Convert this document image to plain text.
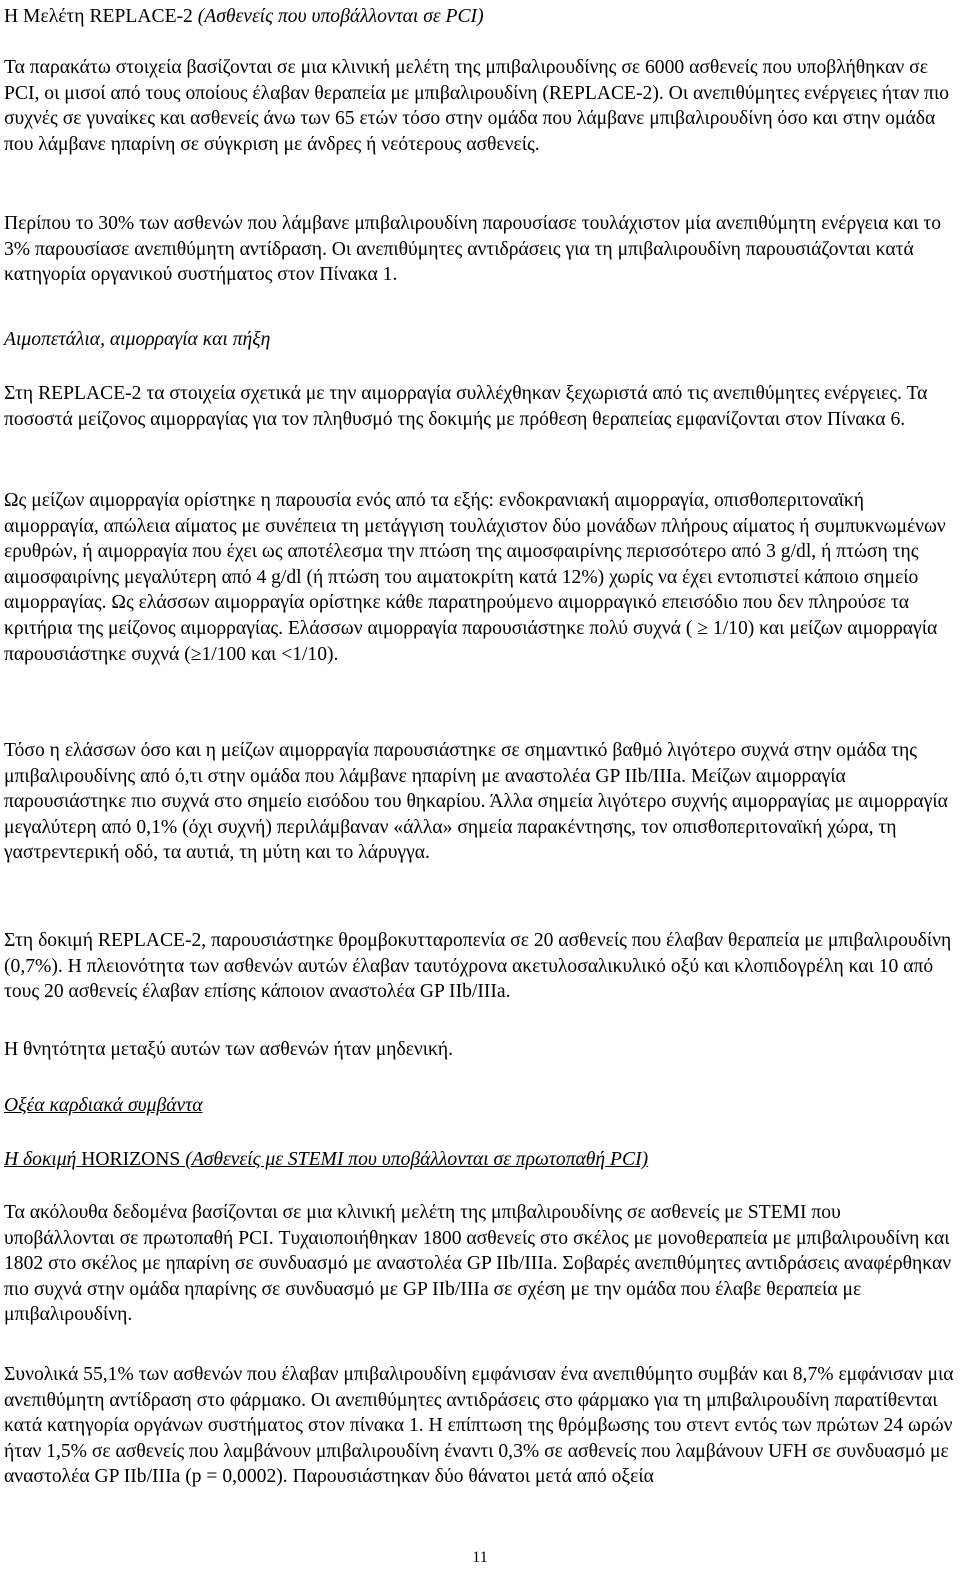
Η Μελέτη REPLACE-2 (Ασθενείς που υποβάλλονται σε PCI)

Τα παρακάτω στοιχεία βασίζονται σε μια κλινική μελέτη της μπιβαλιρουδίνης σε 6000 ασθενείς που υποβλήθηκαν σε PCI, οι μισοί από τους οποίους έλαβαν θεραπεία με μπιβαλιρουδίνη (REPLACE-2). Οι ανεπιθύμητες ενέργειες ήταν πιο συχνές σε γυναίκες και ασθενείς άνω των 65 ετών τόσο στην ομάδα που λάμβανε μπιβαλιρουδίνη όσο και στην ομάδα που λάμβανε ηπαρίνη σε σύγκριση με άνδρες ή νεότερους ασθενείς.

Περίπου το 30% των ασθενών που λάμβανε μπιβαλιρουδίνη παρουσίασε τουλάχιστον μία ανεπιθύμητη ενέργεια και το 3% παρουσίασε ανεπιθύμητη αντίδραση. Οι ανεπιθύμητες αντιδράσεις για τη μπιβαλιρουδίνη παρουσιάζονται κατά κατηγορία οργανικού συστήματος στον Πίνακα 1.

Αιμοπετάλια, αιμορραγία και πήξη

Στη REPLACE-2 τα στοιχεία σχετικά με την αιμορραγία συλλέχθηκαν ξεχωριστά από τις ανεπιθύμητες ενέργειες. Τα ποσοστά μείζονος αιμορραγίας για τον πληθυσμό της δοκιμής με πρόθεση θεραπείας εμφανίζονται στον Πίνακα 6.

Ως μείζων αιμορραγία ορίστηκε η παρουσία ενός από τα εξής: ενδοκρανιακή αιμορραγία, οπισθοπεριτοναϊκή αιμορραγία, απώλεια αίματος με συνέπεια τη μετάγγιση τουλάχιστον δύο μονάδων πλήρους αίματος ή συμπυκνωμένων ερυθρών, ή αιμορραγία που έχει ως αποτέλεσμα την πτώση της αιμοσφαιρίνης περισσότερο από 3 g/dl, ή πτώση της αιμοσφαιρίνης μεγαλύτερη από 4 g/dl (ή πτώση του αιματοκρίτη κατά 12%) χωρίς να έχει εντοπιστεί κάποιο σημείο αιμορραγίας. Ως ελάσσων αιμορραγία ορίστηκε κάθε παρατηρούμενο αιμορραγικό επεισόδιο που δεν πληρούσε τα κριτήρια της μείζονος αιμορραγίας. Ελάσσων αιμορραγία παρουσιάστηκε πολύ συχνά ( ≥ 1/10) και μείζων αιμορραγία παρουσιάστηκε συχνά (≥1/100 και <1/10).

Τόσο η ελάσσων όσο και η μείζων αιμορραγία παρουσιάστηκε σε σημαντικό βαθμό λιγότερο συχνά στην ομάδα της μπιβαλιρουδίνης από ό,τι στην ομάδα που λάμβανε ηπαρίνη με αναστολέα GP IIb/IIIa. Μείζων αιμορραγία παρουσιάστηκε πιο συχνά στο σημείο εισόδου του θηκαρίου. Άλλα σημεία λιγότερο συχνής αιμορραγίας με αιμορραγία μεγαλύτερη από 0,1% (όχι συχνή) περιλάμβαναν «άλλα» σημεία παρακέντησης, τον οπισθοπεριτοναϊκή χώρα, τη γαστρεντερική οδό, τα αυτιά, τη μύτη και το λάρυγγα.

Στη δοκιμή REPLACE-2, παρουσιάστηκε θρομβοκυτταροπενία σε 20 ασθενείς που έλαβαν θεραπεία με μπιβαλιρουδίνη (0,7%). Η πλειονότητα των ασθενών αυτών έλαβαν ταυτόχρονα ακετυλοσαλικυλικό οξύ και κλοπιδογρέλη και 10 από τους 20 ασθενείς έλαβαν επίσης κάποιον αναστολέα GP IIb/IIIa.

Η θνητότητα μεταξύ αυτών των ασθενών ήταν μηδενική.

Οξέα καρδιακά συμβάντα

Η δοκιμή HORIZONS (Ασθενείς με STEMI που υποβάλλονται σε πρωτοπαθή PCI)

Τα ακόλουθα δεδομένα βασίζονται σε μια κλινική μελέτη της μπιβαλιρουδίνης σε ασθενείς με STEMI που υποβάλλονται σε πρωτοπαθή PCI. Τυχαιοποιήθηκαν 1800 ασθενείς στο σκέλος με μονοθεραπεία με μπιβαλιρουδίνη και 1802 στο σκέλος με ηπαρίνη σε συνδυασμό με αναστολέα GP IIb/IIIa. Σοβαρές ανεπιθύμητες αντιδράσεις αναφέρθηκαν πιο συχνά στην ομάδα ηπαρίνης σε συνδυασμό με GP IIb/IIIa σε σχέση με την ομάδα που έλαβε θεραπεία με μπιβαλιρουδίνη.

Συνολικά 55,1% των ασθενών που έλαβαν μπιβαλιρουδίνη εμφάνισαν ένα ανεπιθύμητο συμβάν και 8,7% εμφάνισαν μια ανεπιθύμητη αντίδραση στο φάρμακο. Οι ανεπιθύμητες αντιδράσεις στο φάρμακο για τη μπιβαλιρουδίνη παρατίθενται κατά κατηγορία οργάνων συστήματος στον πίνακα 1. Η επίπτωση της θρόμβωσης του στεντ εντός των πρώτων 24 ωρών ήταν 1,5% σε ασθενείς που λαμβάνουν μπιβαλιρουδίνη έναντι 0,3% σε ασθενείς που λαμβάνουν UFH σε συνδυασμό με αναστολέα GP IIb/IIIa (p = 0,0002). Παρουσιάστηκαν δύο θάνατοι μετά από οξεία

11
